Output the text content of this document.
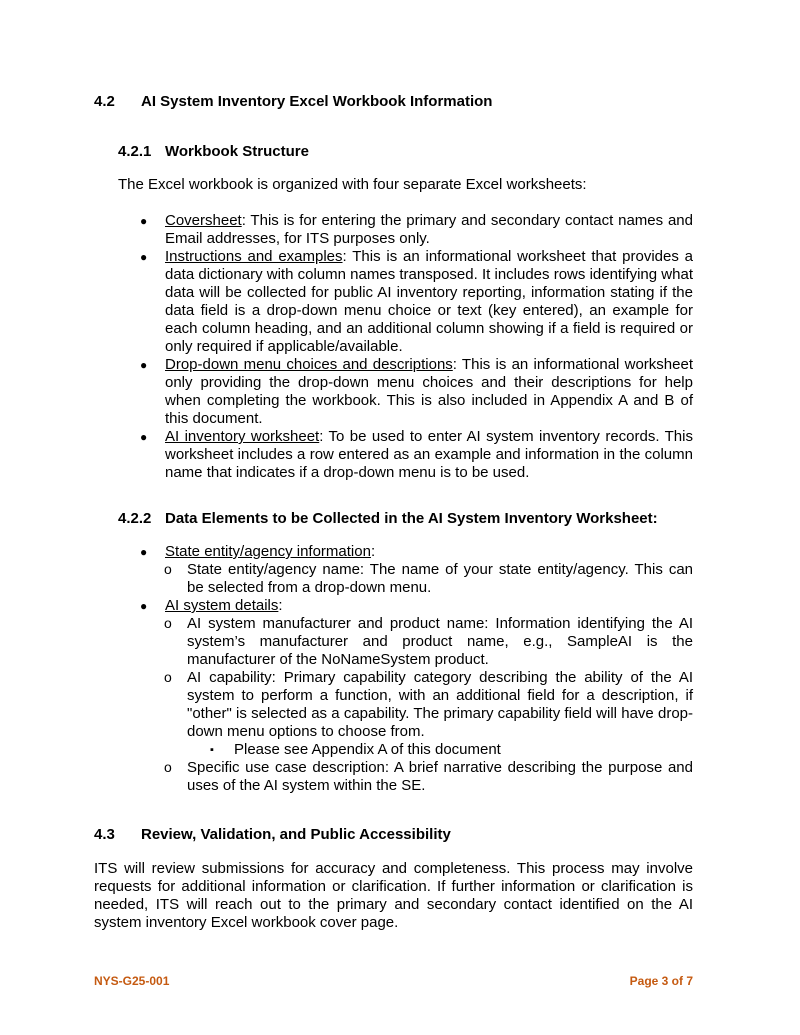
4.2 AI System Inventory Excel Workbook Information
4.2.1 Workbook Structure

The Excel workbook is organized with four separate Excel worksheets:

● Coversheet: This is for entering the primary and secondary contact names and Email addresses, for ITS purposes only.
● Instructions and examples: This is an informational worksheet that provides a data dictionary with column names transposed. It includes rows identifying what data will be collected for public AI inventory reporting, information stating if the data field is a drop-down menu choice or text (key entered), an example for each column heading, and an additional column showing if a field is required or only required if applicable/available.
● Drop-down menu choices and descriptions: This is an informational worksheet only providing the drop-down menu choices and their descriptions for help when completing the workbook. This is also included in Appendix A and B of this document.
● AI inventory worksheet: To be used to enter AI system inventory records. This worksheet includes a row entered as an example and information in the column name that indicates if a drop-down menu is to be used.
4.2.2 Data Elements to be Collected in the AI System Inventory Worksheet:
● State entity/agency information:
o State entity/agency name: The name of your state entity/agency. This can be selected from a drop-down menu.
● AI system details:
o AI system manufacturer and product name: Information identifying the AI system’s manufacturer and product name, e.g., SampleAI is the manufacturer of the NoNameSystem product.
o AI capability: Primary capability category describing the ability of the AI system to perform a function, with an additional field for a description, if "other" is selected as a capability. The primary capability field will have drop-down menu options to choose from.
▪ Please see Appendix A of this document
o Specific use case description: A brief narrative describing the purpose and uses of the AI system within the SE.
4.3 Review, Validation, and Public Accessibility

ITS will review submissions for accuracy and completeness. This process may involve requests for additional information or clarification. If further information or clarification is needed, ITS will reach out to the primary and secondary contact identified on the AI system inventory Excel workbook cover page.

NYS-G25-001	Page 3 of 7
